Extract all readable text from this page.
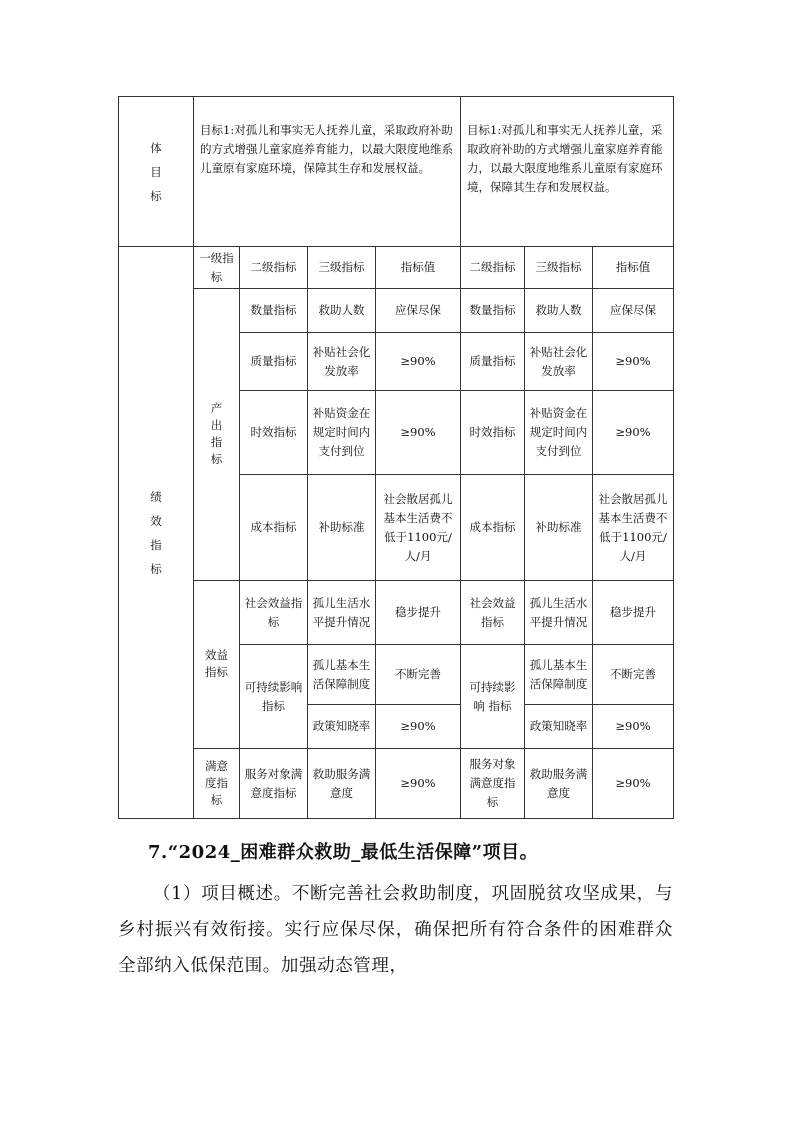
体目标	目标1:对孤儿和事实无人抚养儿童，采取政府补助的方式增强儿童家庭养育能力，以最大限度地维系儿童原有家庭环境，保障其生存和发展权益。				目标1:对孤儿和事实无人抚养儿童，采取政府补助的方式增强儿童家庭养育能力，以最大限度地维系儿童原有家庭环境，保障其生存和发展权益。		
绩效指标	一级指标	二级指标	三级指标	指标值	二级指标	三级指标	指标值
	产出指标	数量指标	救助人数	应保尽保	数量指标	救助人数	应保尽保
		质量指标	补贴社会化发放率	≥90%	质量指标	补贴社会化发放率	≥90%
		时效指标	补贴资金在规定时间内支付到位	≥90%	时效指标	补贴资金在规定时间内支付到位	≥90%
		成本指标	补助标准	社会散居孤儿基本生活费不低于1100元/人/月	成本指标	补助标准	社会散居孤儿基本生活费不低于1100元/人/月
	效益指标	社会效益指标	孤儿生活水平提升情况	稳步提升	社会效益指标	孤儿生活水平提升情况	稳步提升
		可持续影响 指标	孤儿基本生活保障制度	不断完善	可持续影响 指标	孤儿基本生活保障制度	不断完善
			政策知晓率	≥90%		政策知晓率	≥90%
	满意度指标	服务对象满意度指标	救助服务满意度	≥90%	服务对象满意度指标	救助服务满意度	≥90%
7.“2024_困难群众救助_最低生活保障”项目。

（1）项目概述。不断完善社会救助制度，巩固脱贫攻坚成果，与乡村振兴有效衔接。实行应保尽保，确保把所有符合条件的困难群众全部纳入低保范围。加强动态管理，
